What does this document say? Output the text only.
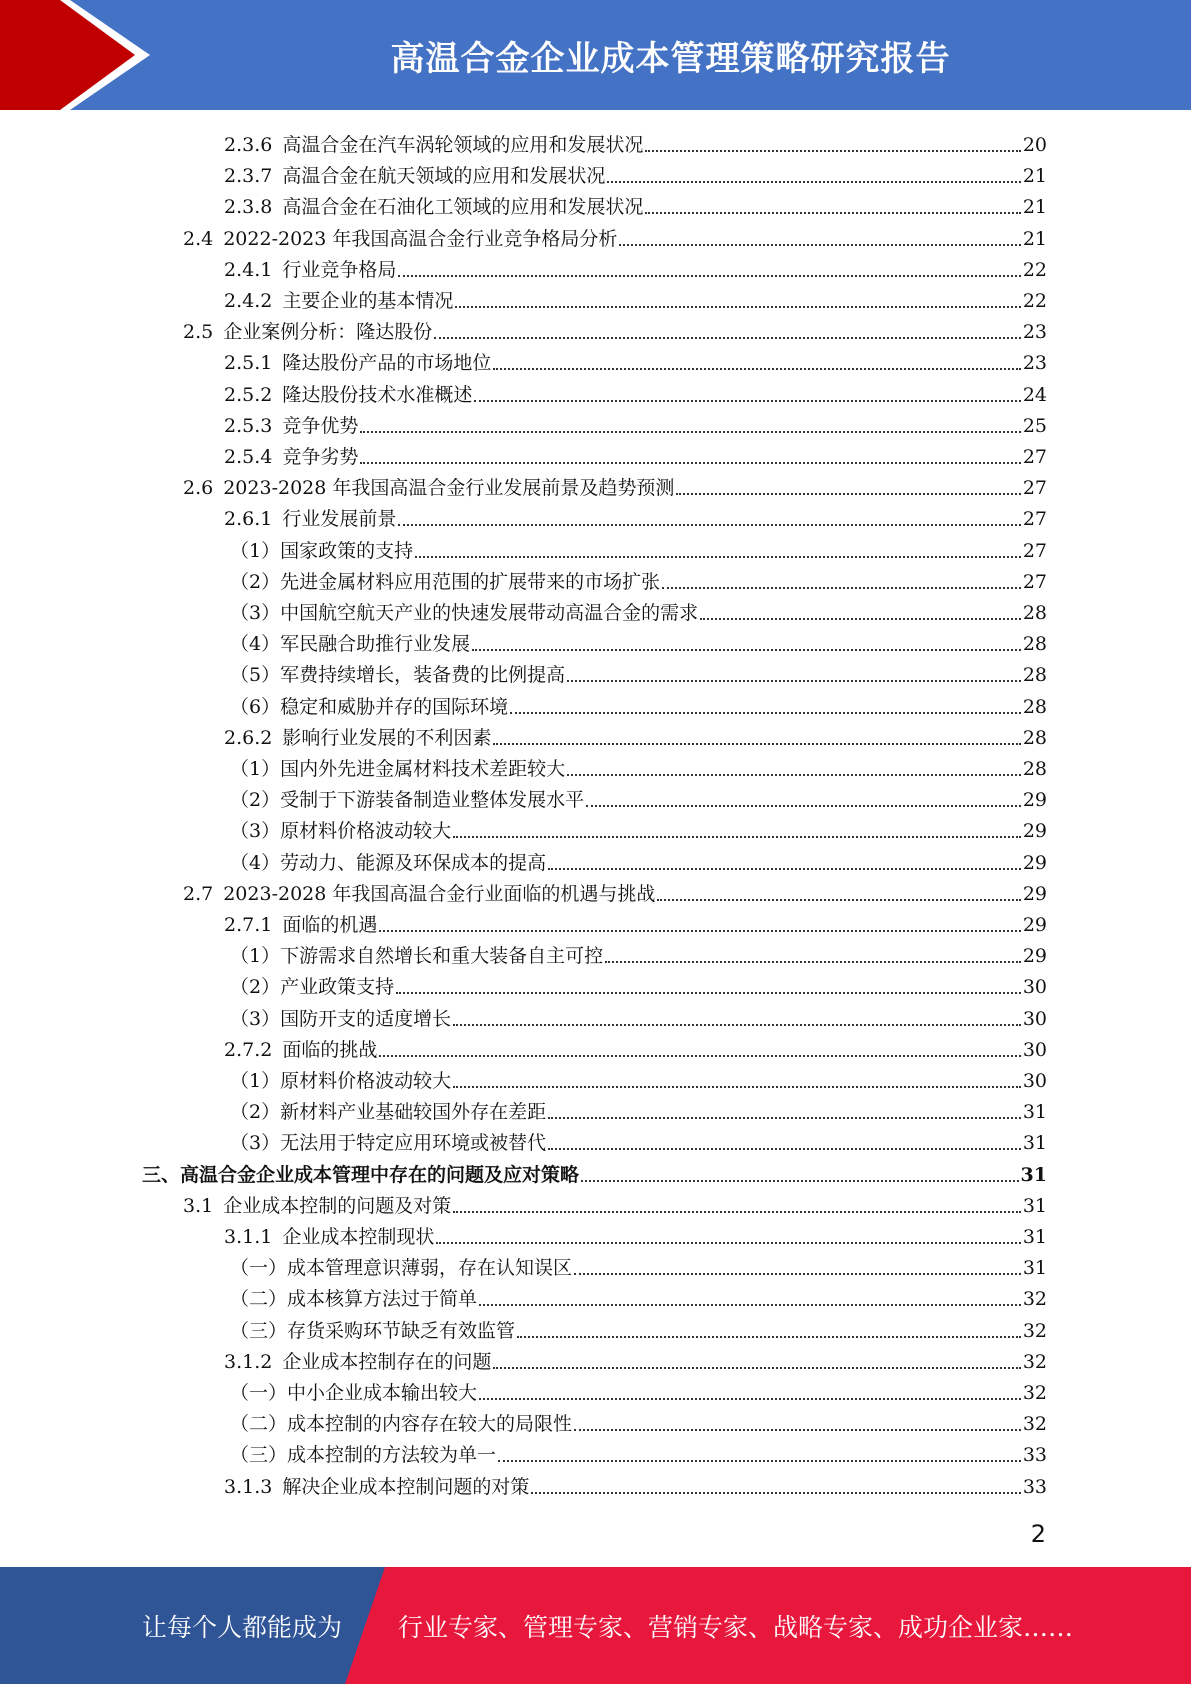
高温合金企业成本管理策略研究报告
2.3.6 高温合金在汽车涡轮领域的应用和发展状况	20
2.3.7 高温合金在航天领域的应用和发展状况	21
2.3.8 高温合金在石油化工领域的应用和发展状况	21
2.4 2022-2023 年我国高温合金行业竞争格局分析	21
2.4.1 行业竞争格局	22
2.4.2 主要企业的基本情况	22
2.5 企业案例分析：隆达股份	23
2.5.1 隆达股份产品的市场地位	23
2.5.2 隆达股份技术水准概述	24
2.5.3 竞争优势	25
2.5.4 竞争劣势	27
2.6 2023-2028 年我国高温合金行业发展前景及趋势预测	27
2.6.1 行业发展前景	27
（1） 国家政策的支持	27
（2） 先进金属材料应用范围的扩展带来的市场扩张	27
（3） 中国航空航天产业的快速发展带动高温合金的需求	28
（4） 军民融合助推行业发展	28
（5） 军费持续增长，装备费的比例提高	28
（6） 稳定和威胁并存的国际环境	28
2.6.2 影响行业发展的不利因素	28
（1） 国内外先进金属材料技术差距较大	28
（2） 受制于下游装备制造业整体发展水平	29
（3） 原材料价格波动较大	29
（4） 劳动力、能源及环保成本的提高	29
2.7 2023-2028 年我国高温合金行业面临的机遇与挑战	29
2.7.1 面临的机遇	29
（1） 下游需求自然增长和重大装备自主可控	29
（2） 产业政策支持	30
（3） 国防开支的适度增长	30
2.7.2 面临的挑战	30
（1） 原材料价格波动较大	30
（2） 新材料产业基础较国外存在差距	31
（3） 无法用于特定应用环境或被替代	31
三、 高温合金企业成本管理中存在的问题及应对策略	31
3.1 企业成本控制的问题及对策	31
3.1.1 企业成本控制现状	31
（一） 成本管理意识薄弱，存在认知误区	31
（二） 成本核算方法过于简单	32
（三） 存货采购环节缺乏有效监管	32
3.1.2 企业成本控制存在的问题	32
（一） 中小企业成本输出较大	32
（二） 成本控制的内容存在较大的局限性	32
（三） 成本控制的方法较为单一	33
3.1.3 解决企业成本控制问题的对策	33
2
让每个人都能成为 行业专家、管理专家、营销专家、战略专家、成功企业家……
